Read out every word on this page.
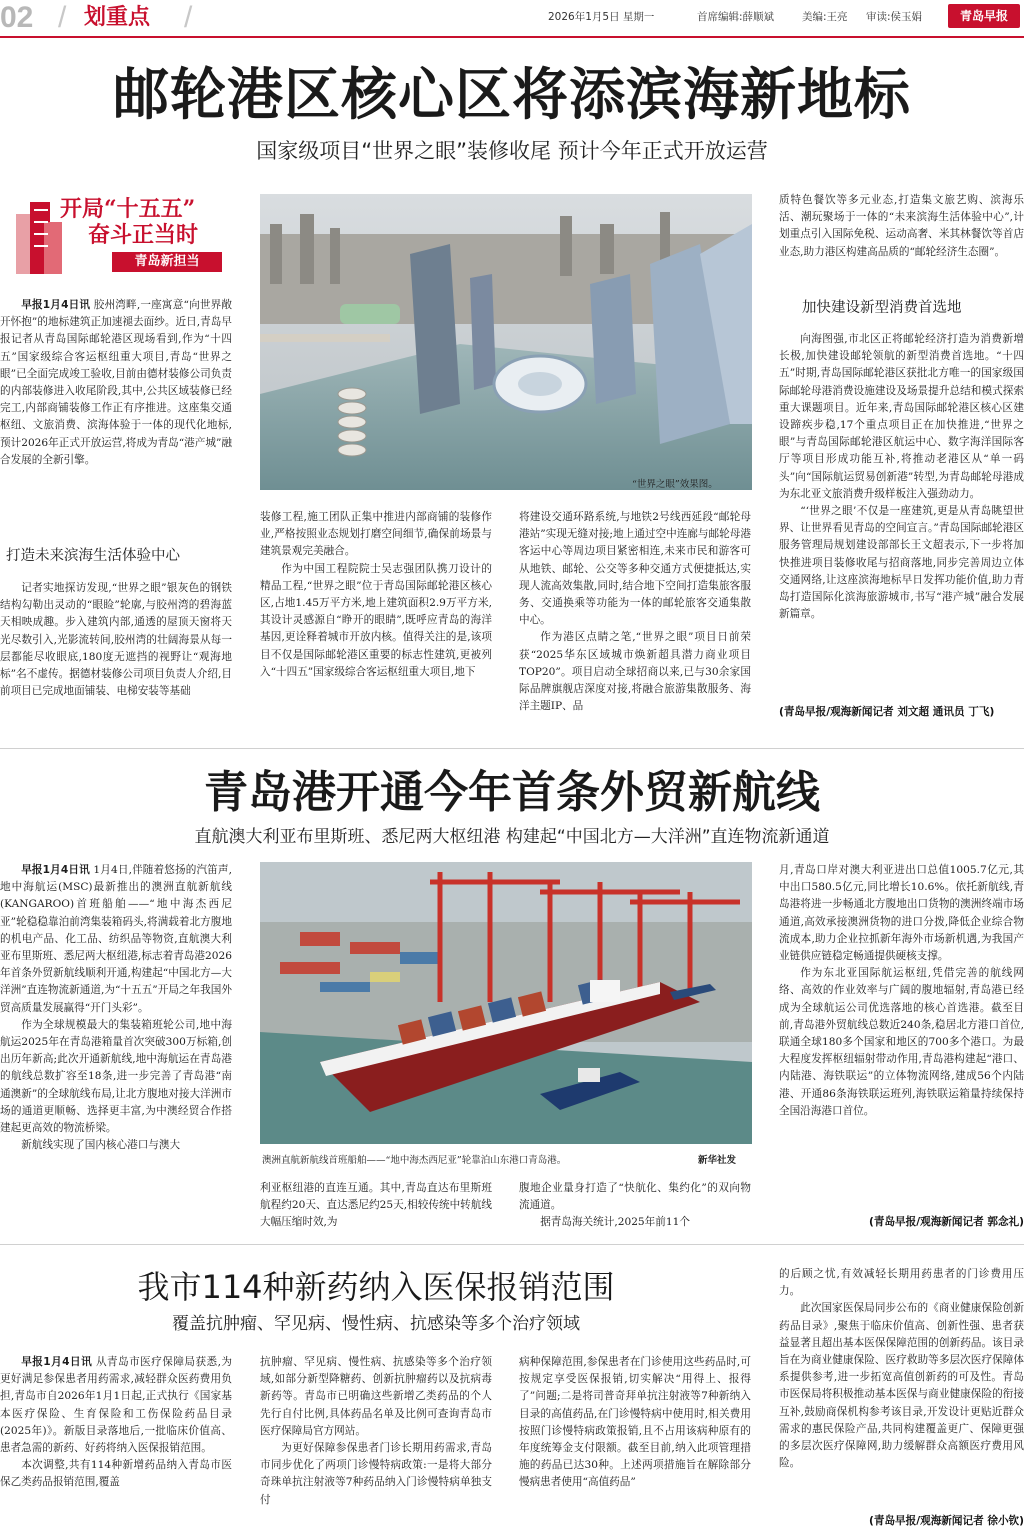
02 / 划重点 /	2026年1月5日 星期一	首席编辑:薛顺斌	美编:王亮 审读:侯玉娟	青岛早报
邮轮港区核心区将添滨海新地标
国家级项目“世界之眼”装修收尾 预计今年正式开放运营
开局“十五五”
奋斗正当时
青岛新担当
“世界之眼”效果图。

早报1月4日讯 胶州湾畔,一座寓意“向世界敞开怀抱”的地标建筑正加速褪去面纱。近日,青岛早报记者从青岛国际邮轮港区现场看到,作为“十四五”国家级综合客运枢纽重大项目,青岛“世界之眼”已全面完成竣工验收,目前由德材装修公司负责的内部装修进入收尾阶段,其中,公共区域装修已经完工,内部商铺装修工作正有序推进。这座集交通枢纽、文旅消费、滨海体验于一体的现代化地标,预计2026年正式开放运营,将成为青岛“港产城”融合发展的全新引擎。

打造未来滨海生活体验中心

记者实地探访发现,“世界之眼”银灰色的钢铁结构勾勒出灵动的“眼睑”轮廓,与胶州湾的碧海蓝天相映成趣。步入建筑内部,通透的屋顶天窗将天光尽数引入,光影流转间,胶州湾的壮阔海景从每一层都能尽收眼底,180度无遮挡的视野让“观海地标”名不虚传。据德材装修公司项目负责人介绍,目前项目已完成地面铺装、电梯安装等基础

装修工程,施工团队正集中推进内部商铺的装修作业,严格按照业态规划打磨空间细节,确保前场景与建筑景观完美融合。

作为中国工程院院士吴志强团队携刀设计的精品工程,“世界之眼”位于青岛国际邮轮港区核心区,占地1.45万平方米,地上建筑面积2.9万平方米,其设计灵感源自“睁开的眼睛”,既呼应青岛的海洋基因,更诠释着城市开放内核。值得关注的是,该项目不仅是国际邮轮港区重要的标志性建筑,更被列入“十四五”国家级综合客运枢纽重大项目,地下

将建设交通环路系统,与地铁2号线西延段“邮轮母港站”实现无缝对接;地上通过空中连廊与邮轮母港客运中心等周边项目紧密相连,未来市民和游客可从地铁、邮轮、公交等多种交通方式便捷抵达,实现人流高效集散,同时,结合地下空间打造集旅客服务、交通换乘等功能为一体的邮轮旅客交通集散中心。

作为港区点睛之笔,“世界之眼”项目日前荣获“2025华东区域城市焕新超具潜力商业项目TOP20”。项目启动全球招商以来,已与30余家国际品牌旗舰店深度对接,将融合旅游集散服务、海洋主题IP、品

质特色餐饮等多元业态,打造集文旅艺购、滨海乐活、潮玩聚场于一体的“未来滨海生活体验中心”,计划重点引入国际免税、运动高奢、米其林餐饮等首店业态,助力港区构建高品质的“邮轮经济生态圈”。

加快建设新型消费首选地

向海图强,市北区正将邮轮经济打造为消费新增长极,加快建设邮轮领航的新型消费首选地。“十四五”时期,青岛国际邮轮港区获批北方唯一的国家级国际邮轮母港消费设施建设及场景提升总结和模式探索重大课题项目。近年来,青岛国际邮轮港区核心区建设蹄疾步稳,17个重点项目正在加快推进,“世界之眼”与青岛国际邮轮港区航运中心、数字海洋国际客厅等项目形成功能互补,将推动老港区从“单一码头”向“国际航运贸易创新港”转型,为青岛邮轮母港成为东北亚文旅消费升级样板注入强劲动力。

“‘世界之眼’不仅是一座建筑,更是从青岛眺望世界、让世界看见青岛的空间宣言。”青岛国际邮轮港区服务管理局规划建设部部长王文超表示,下一步将加快推进项目装修收尾与招商落地,同步完善周边立体交通网络,让这座滨海地标早日发挥功能价值,助力青岛打造国际化滨海旅游城市,书写“港产城”融合发展新篇章。

(青岛早报/观海新闻记者 刘文超 通讯员 丁飞)
青岛港开通今年首条外贸新航线
直航澳大利亚布里斯班、悉尼两大枢纽港 构建起“中国北方—大洋洲”直连物流新通道
澳洲直航新航线首班船舶——“地中海杰西尼亚”轮靠泊山东港口青岛港。	新华社发

早报1月4日讯 1月4日,伴随着悠扬的汽笛声,地中海航运(MSC)最新推出的澳洲直航新航线(KANGAROO)首班船舶——“地中海杰西尼亚”轮稳稳靠泊前湾集装箱码头,将满载着北方腹地的机电产品、化工品、纺织品等物资,直航澳大利亚布里斯班、悉尼两大枢纽港,标志着青岛港2026年首条外贸新航线顺利开通,构建起“中国北方—大洋洲”直连物流新通道,为“十五五”开局之年我国外贸高质量发展赢得“开门头彩”。

作为全球规模最大的集装箱班轮公司,地中海航运2025年在青岛港箱量首次突破300万标箱,创出历年新高;此次开通新航线,地中海航运在青岛港的航线总数扩容至18条,进一步完善了青岛港“南通澳新”的全球航线布局,让北方腹地对接大洋洲市场的通道更顺畅、选择更丰富,为中澳经贸合作搭建起更高效的物流桥梁。

新航线实现了国内核心港口与澳大

利亚枢纽港的直连互通。其中,青岛直达布里斯班航程约20天、直达悉尼约25天,相较传统中转航线大幅压缩时效,为

腹地企业量身打造了“快航化、集约化”的双向物流通道。

据青岛海关统计,2025年前11个

月,青岛口岸对澳大利亚进出口总值1005.7亿元,其中出口580.5亿元,同比增长10.6%。依托新航线,青岛港将进一步畅通北方腹地出口货物的澳洲终端市场通道,高效承接澳洲货物的进口分拨,降低企业综合物流成本,助力企业拉抓新年海外市场新机遇,为我国产业链供应链稳定畅通提供硬核支撑。

作为东北亚国际航运枢纽,凭借完善的航线网络、高效的作业效率与广阔的腹地辐射,青岛港已经成为全球航运公司优选落地的核心首选港。截至目前,青岛港外贸航线总数近240条,稳居北方港口首位,联通全球180多个国家和地区的700多个港口。为最大程度发挥枢纽辐射带动作用,青岛港构建起“港口、内陆港、海铁联运”的立体物流网络,建成56个内陆港、开通86条海铁联运班列,海铁联运箱量持续保持全国沿海港口首位。

(青岛早报/观海新闻记者 郭念礼)
我市114种新药纳入医保报销范围
覆盖抗肿瘤、罕见病、慢性病、抗感染等多个治疗领域

早报1月4日讯 从青岛市医疗保障局获悉,为更好满足参保患者用药需求,减轻群众医药费用负担,青岛市自2026年1月1日起,正式执行《国家基本医疗保险、生育保险和工伤保险药品目录(2025年)》。新版目录落地后,一批临床价值高、患者急需的新药、好药将纳入医保报销范围。

本次调整,共有114种新增药品纳入青岛市医保乙类药品报销范围,覆盖

抗肿瘤、罕见病、慢性病、抗感染等多个治疗领域,如部分新型降糖药、创新抗肿瘤药以及抗病毒新药等。青岛市已明确这些新增乙类药品的个人先行自付比例,具体药品名单及比例可查询青岛市医疗保障局官方网站。

为更好保障参保患者门诊长期用药需求,青岛市同步优化了两项门诊慢特病政策:一是将大部分奇珠单抗注射液等7种药品纳入门诊慢特病单独支付

病种保障范围,参保患者在门诊使用这些药品时,可按规定享受医保报销,切实解决“用得上、报得了”问题;二是将司普奇拜单抗注射液等7种新纳入目录的高值药品,在门诊慢特病中使用时,相关费用按照门诊慢特病政策报销,且不占用该病种原有的年度统筹金支付限额。截至目前,纳入此项管理措施的药品已达30种。上述两项措施旨在解除部分慢病患者使用“高值药品”

的后顾之忧,有效减轻长期用药患者的门诊费用压力。

此次国家医保局同步公布的《商业健康保险创新药品目录》,聚焦于临床价值高、创新性强、患者获益显著且超出基本医保保障范围的创新药品。该目录旨在为商业健康保险、医疗救助等多层次医疗保障体系提供参考,进一步拓宽高值创新药的可及性。青岛市医保局将积极推动基本医保与商业健康保险的衔接互补,鼓励商保机构参考该目录,开发设计更贴近群众需求的惠民保险产品,共同构建覆盖更广、保障更强的多层次医疗保障网,助力缓解群众高额医疗费用风险。

(青岛早报/观海新闻记者 徐小钦)
